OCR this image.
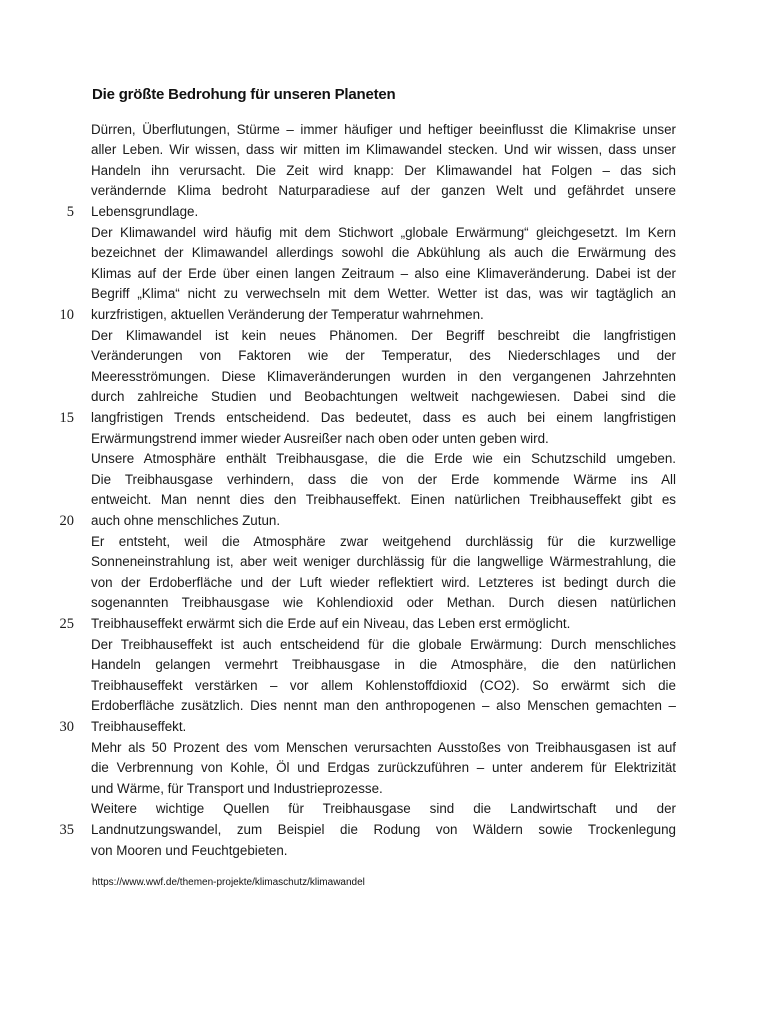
Die größte Bedrohung für unseren Planeten
Dürren, Überflutungen, Stürme – immer häufiger und heftiger beeinflusst die Klimakrise unser
aller Leben. Wir wissen, dass wir mitten im Klimawandel stecken. Und wir wissen, dass unser
Handeln ihn verursacht. Die Zeit wird knapp: Der Klimawandel hat Folgen – das sich
verändernde Klima bedroht Naturparadiese auf der ganzen Welt und gefährdet unsere
Lebensgrundlage.
Der Klimawandel wird häufig mit dem Stichwort „globale Erwärmung“ gleichgesetzt. Im Kern
bezeichnet der Klimawandel allerdings sowohl die Abkühlung als auch die Erwärmung des
Klimas auf der Erde über einen langen Zeitraum – also eine Klimaveränderung. Dabei ist der
Begriff „Klima“ nicht zu verwechseln mit dem Wetter. Wetter ist das, was wir tagtäglich an
kurzfristigen, aktuellen Veränderung der Temperatur wahrnehmen.
Der Klimawandel ist kein neues Phänomen. Der Begriff beschreibt die langfristigen
Veränderungen von Faktoren wie der Temperatur, des Niederschlages und der
Meeresströmungen. Diese Klimaveränderungen wurden in den vergangenen Jahrzehnten
durch zahlreiche Studien und Beobachtungen weltweit nachgewiesen. Dabei sind die
langfristigen Trends entscheidend. Das bedeutet, dass es auch bei einem langfristigen
Erwärmungstrend immer wieder Ausreißer nach oben oder unten geben wird.
Unsere Atmosphäre enthält Treibhausgase, die die Erde wie ein Schutzschild umgeben.
Die Treibhausgase verhindern, dass die von der Erde kommende Wärme ins All
entweicht. Man nennt dies den Treibhauseffekt. Einen natürlichen Treibhauseffekt gibt es
auch ohne menschliches Zutun.
Er entsteht, weil die Atmosphäre zwar weitgehend durchlässig für die kurzwellige
Sonneneinstrahlung ist, aber weit weniger durchlässig für die langwellige Wärmestrahlung, die
von der Erdoberfläche und der Luft wieder reflektiert wird. Letzteres ist bedingt durch die
sogenannten Treibhausgase wie Kohlendioxid oder Methan. Durch diesen natürlichen
Treibhauseffekt erwärmt sich die Erde auf ein Niveau, das Leben erst ermöglicht.
Der Treibhauseffekt ist auch entscheidend für die globale Erwärmung: Durch menschliches
Handeln gelangen vermehrt Treibhausgase in die Atmosphäre, die den natürlichen
Treibhauseffekt verstärken – vor allem Kohlenstoffdioxid (CO2). So erwärmt sich die
Erdoberfläche zusätzlich. Dies nennt man den anthropogenen – also Menschen gemachten –
Treibhauseffekt.
Mehr als 50 Prozent des vom Menschen verursachten Ausstoßes von Treibhausgasen ist auf
die Verbrennung von Kohle, Öl und Erdgas zurückzuführen – unter anderem für Elektrizität
und Wärme, für Transport und Industrieprozesse.
Weitere wichtige Quellen für Treibhausgase sind die Landwirtschaft und der
Landnutzungswandel, zum Beispiel die Rodung von Wäldern sowie Trockenlegung
von Mooren und Feuchtgebieten.
5
10
15
20
25
30
35
https://www.wwf.de/themen-projekte/klimaschutz/klimawandel
